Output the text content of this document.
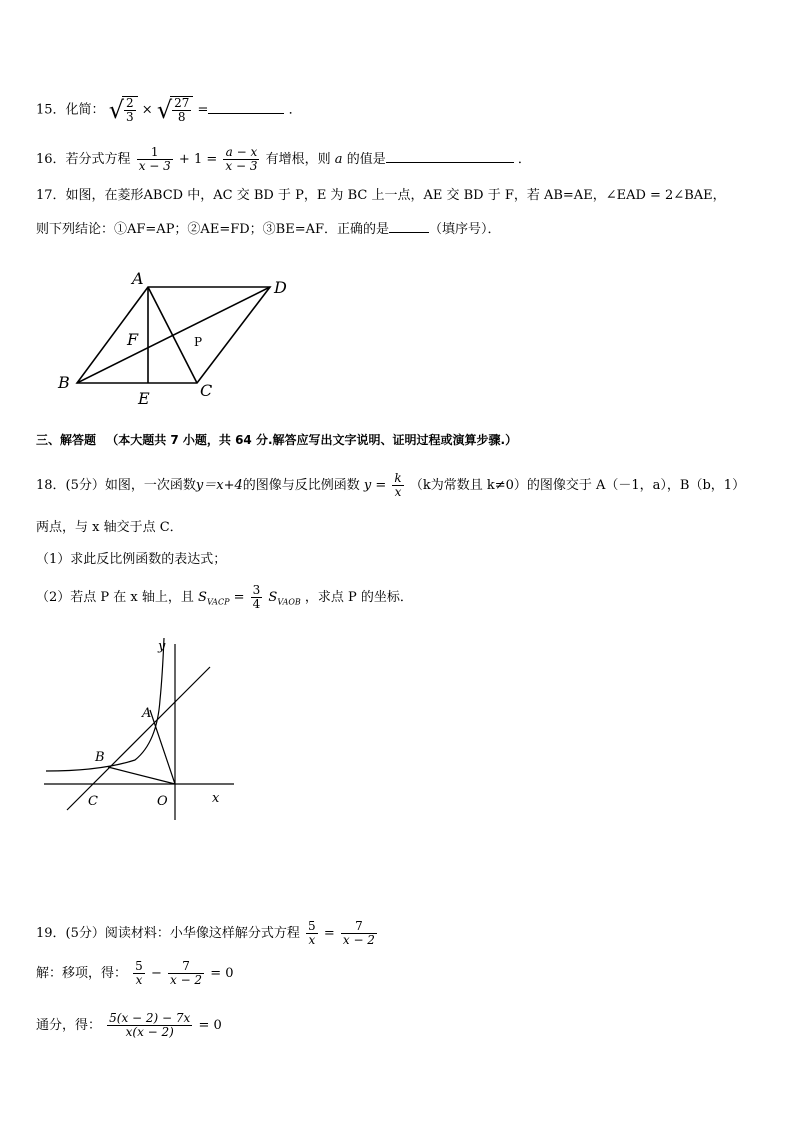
15．化简： √ $\frac{2}{3}$ × √ $\frac{27}{8}$ =	．
16．若分式方程 $\frac{1}{x - 3} + 1 = \frac{a - x}{x - 3}$ 有增根，则 a 的值是	．
17．如图，在菱形ABCD 中，AC 交 BD 于 P，E 为 BC 上一点，AE 交 BD 于 F，若 AB=AE，∠EAD = 2∠BAE，
则下列结论：①AF=AP；②AE=FD；③BE=AF．正确的是	（填序号）．
A	D
B	C
E
F	P
三、解答题 （本大题共 7 小题，共 64 分.解答应写出文字说明、证明过程或演算步骤.）
18．(5分）如图，一次函数y＝x+4的图像与反比例函数 $y = \frac{k}{x} (k$为常数且 k≠0）的图像交于 A（－1，a），B（b，1）
两点，与 x 轴交于点 C．
（1）求此反比例函数的表达式；
（2）若点 P 在 x 轴上，且 $S_{VACP} = \frac{3}{4} S_{VAOB}$ ，求点 P 的坐标．
y
x
A
B
C	O
19．(5分）阅读材料：小华像这样解分式方程 $\frac{5}{x} = \frac{7}{x - 2}$
解：移项，得： $\frac{5}{x} - \frac{7}{x - 2} = 0$
通分，得： $\frac{5(x - 2) - 7x}{x(x - 2)} = 0$
